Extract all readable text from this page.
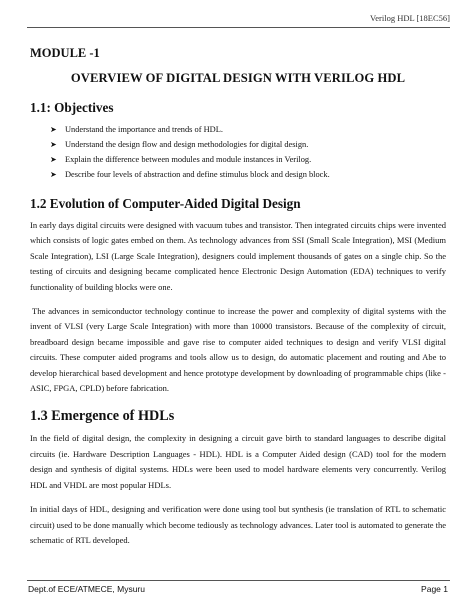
Verilog HDL [18EC56]
MODULE -1
OVERVIEW OF DIGITAL DESIGN WITH VERILOG HDL
1.1: Objectives
➤ Understand the importance and trends of HDL.
➤ Understand the design flow and design methodologies for digital design.
➤ Explain the difference between modules and module instances in Verilog.
➤ Describe four levels of abstraction and define stimulus block and design block.
1.2 Evolution of Computer-Aided Digital Design

In early days digital circuits were designed with vacuum tubes and transistor. Then integrated circuits chips were invented which consists of logic gates embed on them. As technology advances from SSI (Small Scale Integration), MSI (Medium Scale Integration), LSI (Large Scale Integration), designers could implement thousands of gates on a single chip. So the testing of circuits and designing became complicated hence Electronic Design Automation (EDA) techniques to verify functionality of building blocks were one.

The advances in semiconductor technology continue to increase the power and complexity of digital systems with the invent of VLSI (very Large Scale Integration) with more than 10000 transistors. Because of the complexity of circuit, breadboard design became impossible and gave rise to computer aided techniques to design and verify VLSI digital circuits. These computer aided programs and tools allow us to design, do automatic placement and routing and Abe to develop hierarchical based development and hence prototype development by downloading of programmable chips (like - ASIC, FPGA, CPLD) before fabrication.

1.3 Emergence of HDLs

In the field of digital design, the complexity in designing a circuit gave birth to standard languages to describe digital circuits (ie. Hardware Description Languages - HDL). HDL is a Computer Aided design (CAD) tool for the modern design and synthesis of digital systems. HDLs were been used to model hardware elements very concurrently. Verilog HDL and VHDL are most popular HDLs.

In initial days of HDL, designing and verification were done using tool but synthesis (ie translation of RTL to schematic circuit) used to be done manually which become tediously as technology advances. Later tool is automated to generate the schematic of RTL developed.

Dept.of ECE/ATMECE, Mysuru	Page 1
